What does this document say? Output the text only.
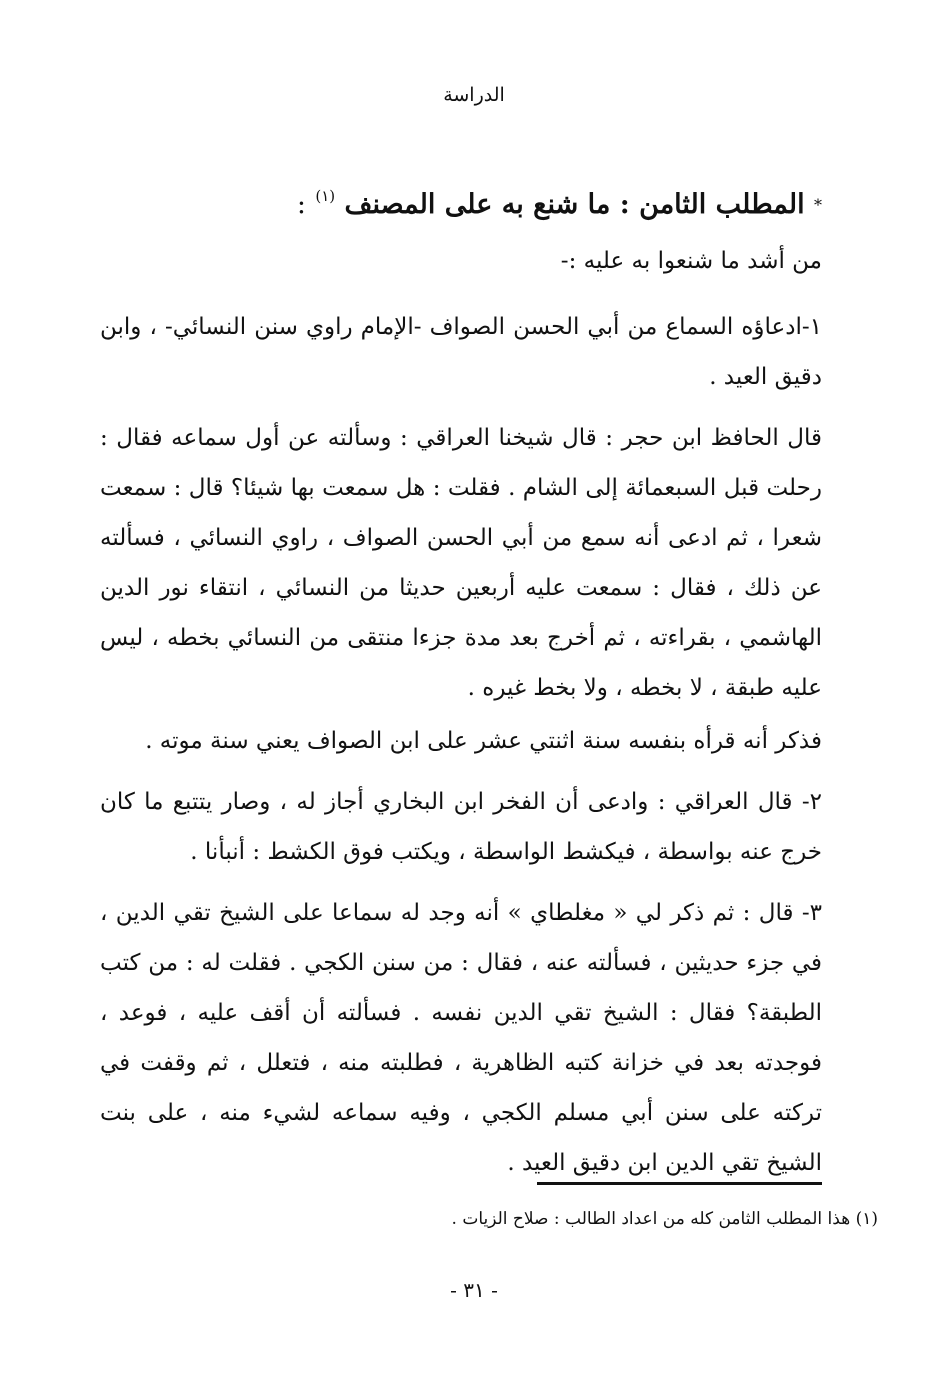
الدراسة
* المطلب الثامن : ما شنع به على المصنف $^{(١)}$ :

من أشد ما شنعوا به عليه :-

١-ادعاؤه السماع من أبي الحسن الصواف -الإمام راوي سنن النسائي- ، وابن دقيق العيد .

قال الحافظ ابن حجر : قال شيخنا العراقي : وسألته عن أول سماعه فقال : رحلت قبل السبعمائة إلى الشام . فقلت : هل سمعت بها شيئا؟ قال : سمعت شعرا ، ثم ادعى أنه سمع من أبي الحسن الصواف ، راوي النسائي ، فسألته عن ذلك ، فقال : سمعت عليه أربعين حديثا من النسائي ، انتقاء نور الدين الهاشمي ، بقراءته ، ثم أخرج بعد مدة جزءا منتقى من النسائي بخطه ، ليس عليه طبقة ، لا بخطه ، ولا بخط غيره .

فذكر أنه قرأه بنفسه سنة اثنتي عشر على ابن الصواف يعني سنة موته .

٢- قال العراقي : وادعى أن الفخر ابن البخاري أجاز له ، وصار يتتبع ما كان خرج عنه بواسطة ، فيكشط الواسطة ، ويكتب فوق الكشط : أنبأنا .

٣- قال : ثم ذكر لي « مغلطاي » أنه وجد له سماعا على الشيخ تقي الدين ، في جزء حديثين ، فسألته عنه ، فقال : من سنن الكجي . فقلت له : من كتب الطبقة؟ فقال : الشيخ تقي الدين نفسه . فسألته أن أقف عليه ، فوعد ، فوجدته بعد في خزانة كتبه الظاهرية ، فطلبته منه ، فتعلل ، ثم وقفت في تركته على سنن أبي مسلم الكجي ، وفيه سماعه لشيء منه ، على بنت الشيخ تقي الدين ابن دقيق العيد .

(١) هذا المطلب الثامن كله من اعداد الطالب : صلاح الزيات .
- ٣١ -
